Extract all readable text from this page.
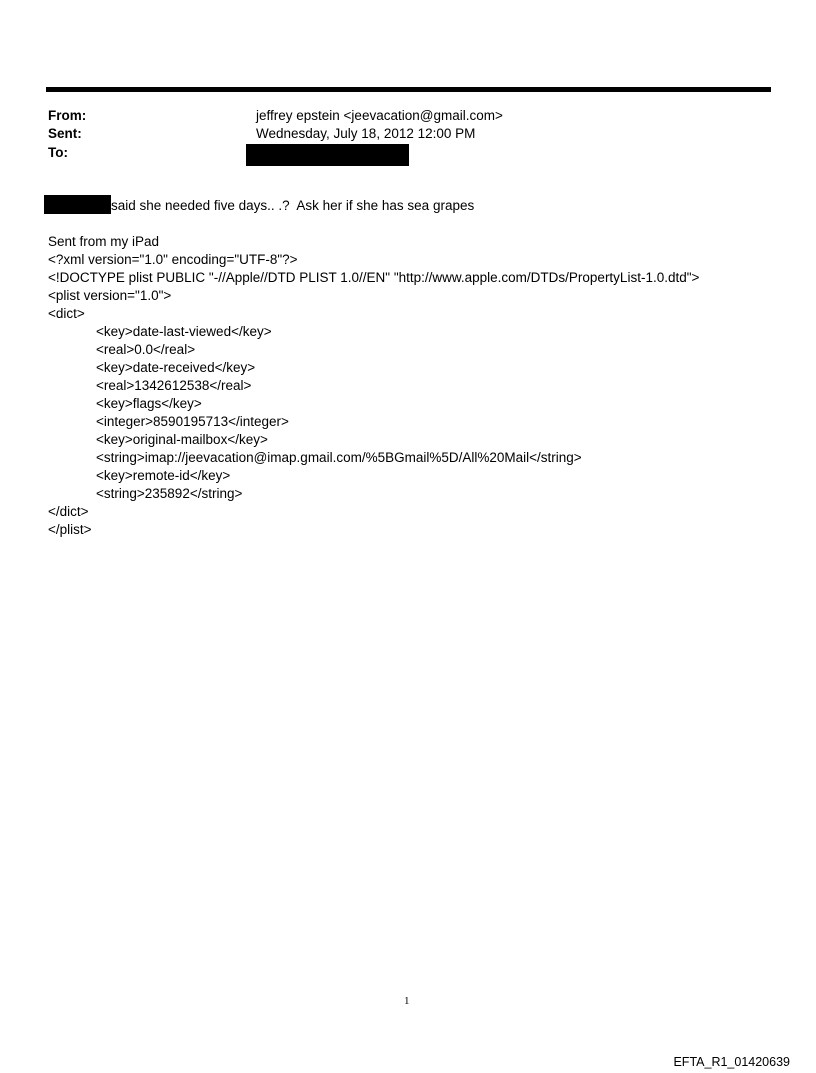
From:	jeffrey epstein <jeevacation@gmail.com>
Sent:	Wednesday, July 18, 2012 12:00 PM
To:
said she needed five days.. .?  Ask her if she has sea grapes
Sent from my iPad
<?xml version="1.0" encoding="UTF-8"?>
<!DOCTYPE plist PUBLIC "-//Apple//DTD PLIST 1.0//EN" "http://www.apple.com/DTDs/PropertyList-1.0.dtd">
<plist version="1.0">
<dict>
<key>date-last-viewed</key>
<real>0.0</real>
<key>date-received</key>
<real>1342612538</real>
<key>flags</key>
<integer>8590195713</integer>
<key>original-mailbox</key>
<string>imap://jeevacation@imap.gmail.com/%5BGmail%5D/All%20Mail</string>
<key>remote-id</key>
<string>235892</string>
</dict>
</plist>
1
EFTA_R1_01420639
